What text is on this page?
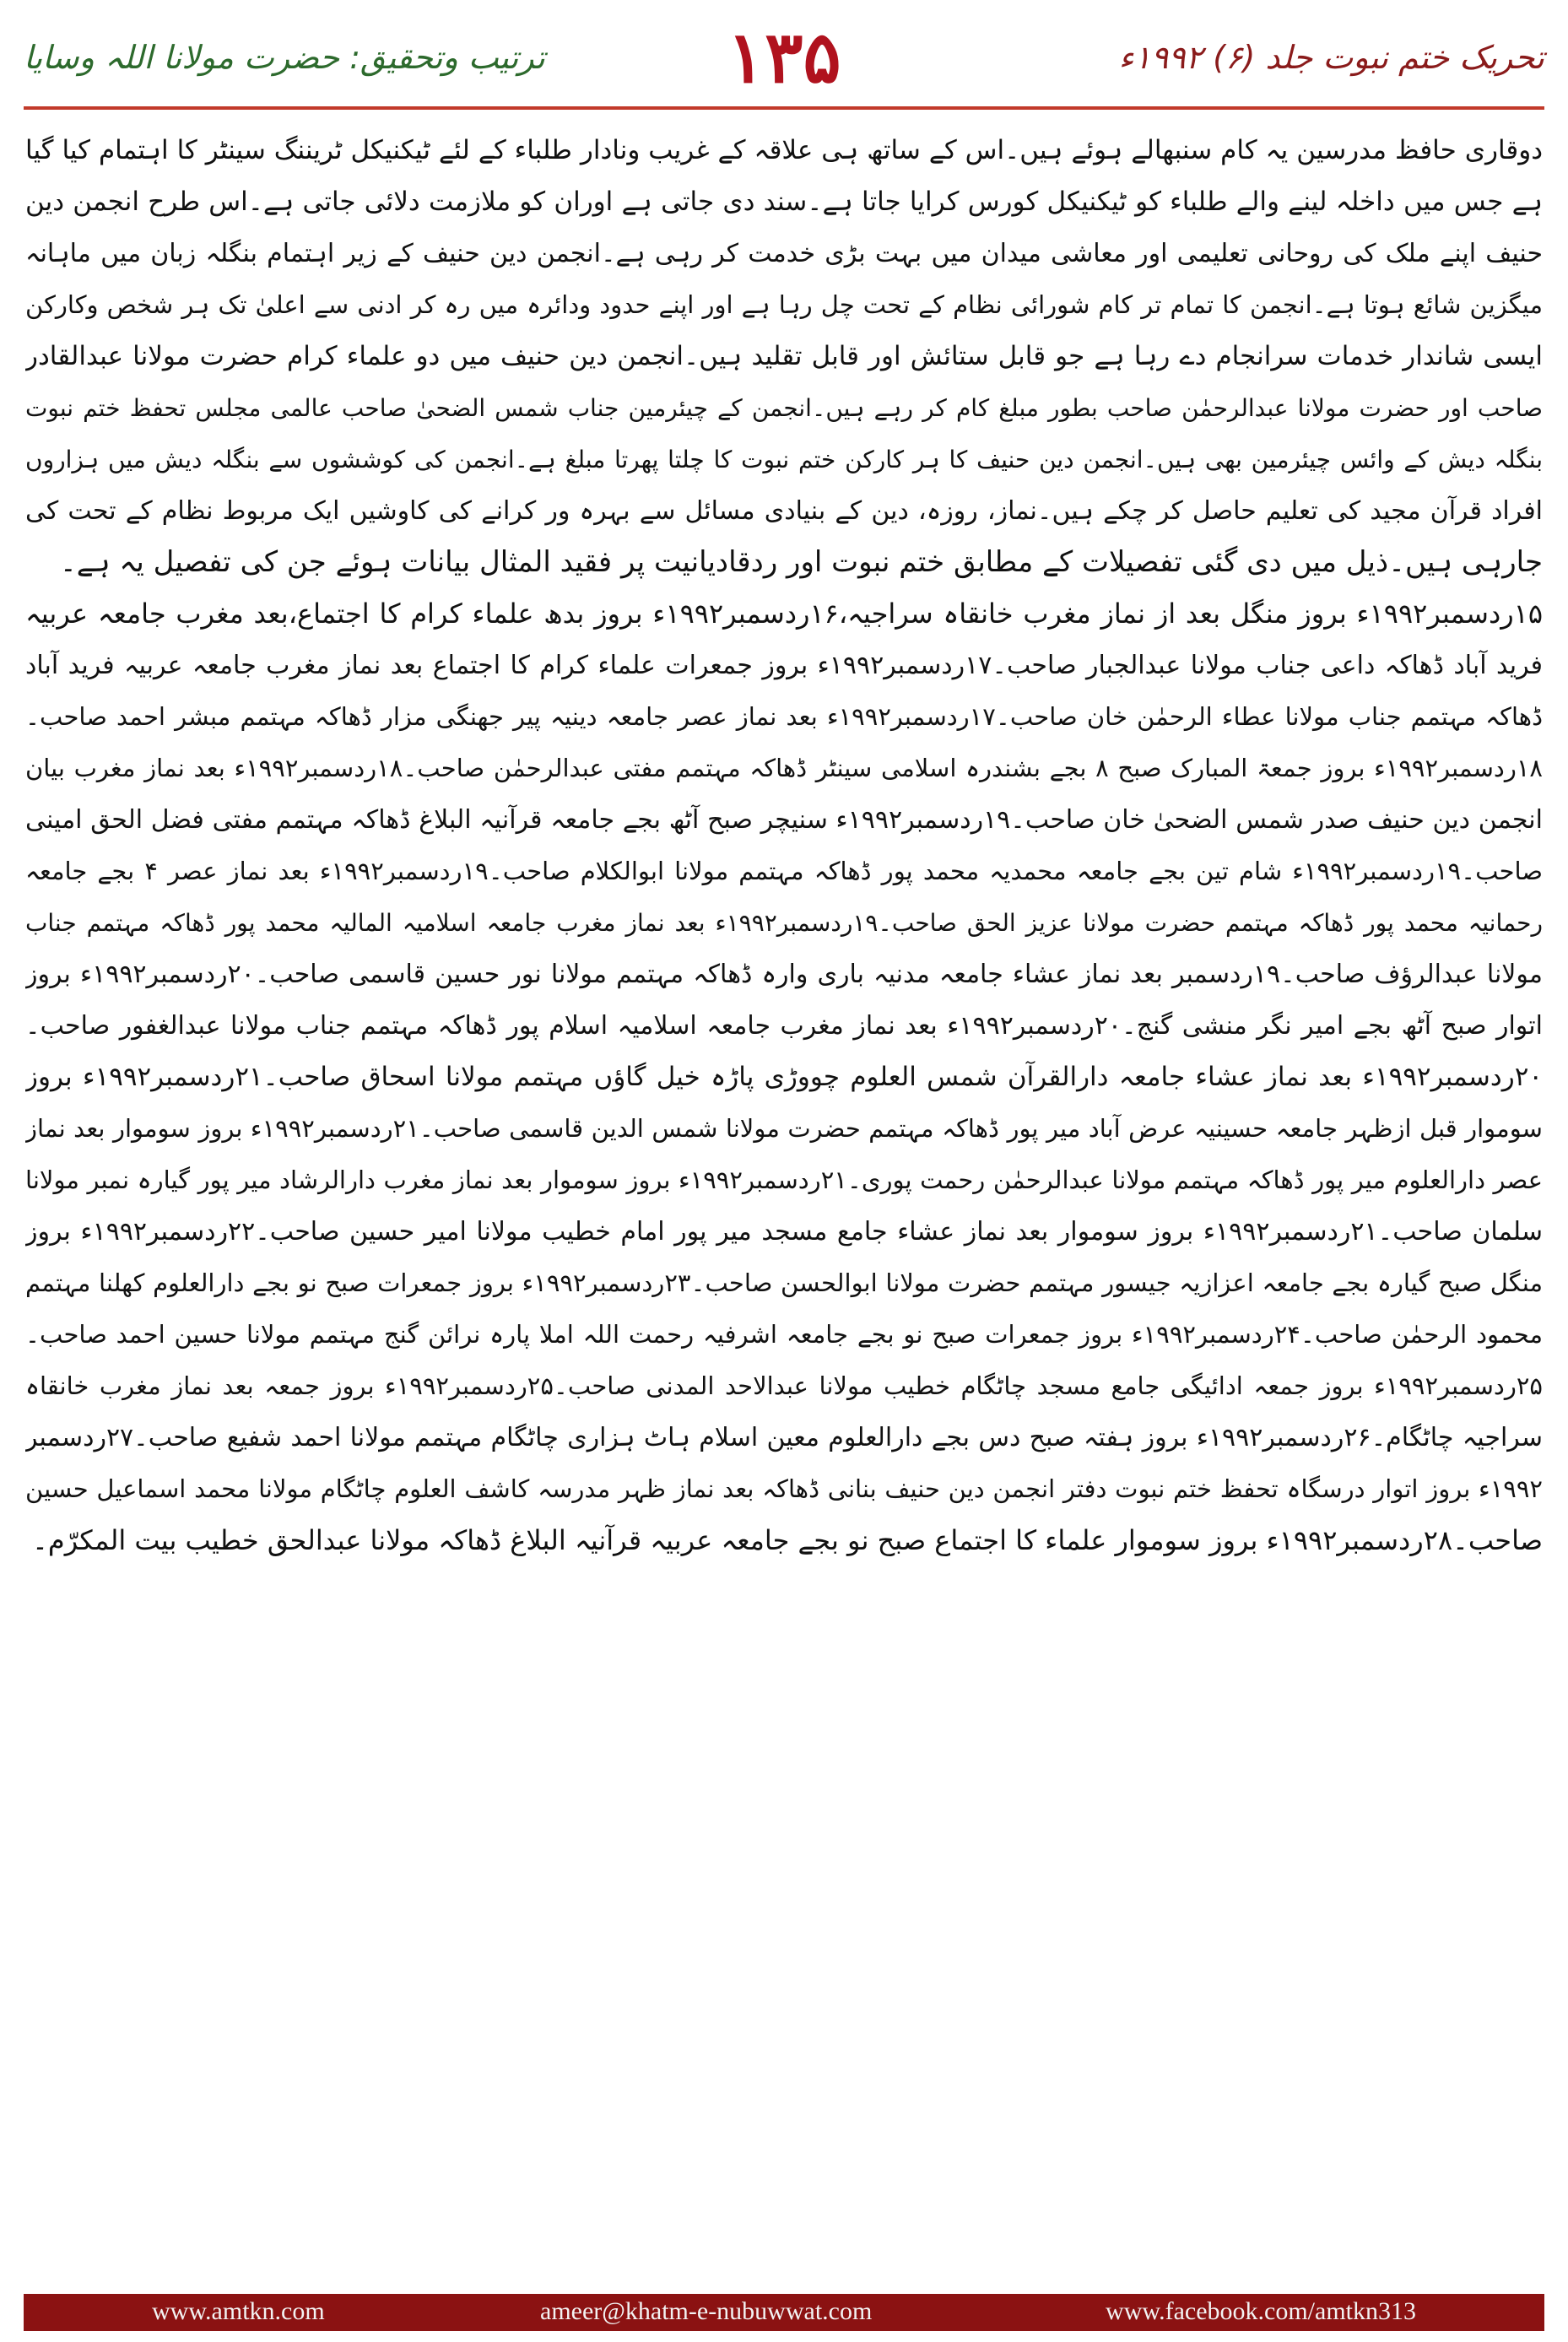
ترتیب وتحقیق: حضرت مولانا اللہ وسایا	۱۳۵	تحریک ختم نبوت جلد (۶) ۱۹۹۲ء
دوقاری حافظ مدرسین یہ کام سنبھالے ہوئے ہیں۔اس کے ساتھ ہی علاقہ کے غریب ونادار طلباء کے لئے ٹیکنیکل ٹریننگ سینٹر کا اہتمام کیا گیا
ہے جس میں داخلہ لینے والے طلباء کو ٹیکنیکل کورس کرایا جاتا ہے۔سند دی جاتی ہے اوران کو ملازمت دلائی جاتی ہے۔اس طرح انجمن دین
حنیف اپنے ملک کی روحانی تعلیمی اور معاشی میدان میں بہت بڑی خدمت کر رہی ہے۔انجمن دین حنیف کے زیر اہتمام بنگلہ زبان میں ماہانہ
میگزین شائع ہوتا ہے۔انجمن کا تمام تر کام شورائی نظام کے تحت چل رہا ہے اور اپنے حدود ودائرہ میں رہ کر ادنی سے اعلیٰ تک ہر شخص وکارکن
ایسی شاندار خدمات سرانجام دے رہا ہے جو قابل ستائش اور قابل تقلید ہیں۔انجمن دین حنیف میں دو علماء کرام حضرت مولانا عبدالقادر
صاحب اور حضرت مولانا عبدالرحمٰن صاحب بطور مبلغ کام کر رہے ہیں۔انجمن کے چیئرمین جناب شمس الضحیٰ صاحب عالمی مجلس تحفظ ختم نبوت
بنگلہ دیش کے وائس چیئرمین بھی ہیں۔انجمن دین حنیف کا ہر کارکن ختم نبوت کا چلتا پھرتا مبلغ ہے۔انجمن کی کوششوں سے بنگلہ دیش میں ہزاروں
افراد قرآن مجید کی تعلیم حاصل کر چکے ہیں۔نماز، روزہ، دین کے بنیادی مسائل سے بہرہ ور کرانے کی کاوشیں ایک مربوط نظام کے تحت کی
جارہی ہیں۔ذیل میں دی گئی تفصیلات کے مطابق ختم نبوت اور ردقادیانیت پر فقید المثال بیانات ہوئے جن کی تفصیل یہ ہے۔
۱۵ردسمبر۱۹۹۲ء بروز منگل بعد از نماز مغرب خانقاہ سراجیہ،۱۶ردسمبر۱۹۹۲ء بروز بدھ علماء کرام کا اجتماع،بعد مغرب جامعہ عربیہ
فرید آباد ڈھاکہ داعی جناب مولانا عبدالجبار صاحب۔۱۷ردسمبر۱۹۹۲ء بروز جمعرات علماء کرام کا اجتماع بعد نماز مغرب جامعہ عربیہ فرید آباد
ڈھاکہ مہتمم جناب مولانا عطاء الرحمٰن خان صاحب۔۱۷ردسمبر۱۹۹۲ء بعد نماز عصر جامعہ دینیہ پیر جھنگی مزار ڈھاکہ مہتمم مبشر احمد صاحب۔
۱۸ردسمبر۱۹۹۲ء بروز جمعۃ المبارک صبح ۸ بجے بشندرہ اسلامی سینٹر ڈھاکہ مہتمم مفتی عبدالرحمٰن صاحب۔۱۸ردسمبر۱۹۹۲ء بعد نماز مغرب بیان
انجمن دین حنیف صدر شمس الضحیٰ خان صاحب۔۱۹ردسمبر۱۹۹۲ء سنیچر صبح آٹھ بجے جامعہ قرآنیہ البلاغ ڈھاکہ مہتمم مفتی فضل الحق امینی
صاحب۔۱۹ردسمبر۱۹۹۲ء شام تین بجے جامعہ محمدیہ محمد پور ڈھاکہ مہتمم مولانا ابوالکلام صاحب۔۱۹ردسمبر۱۹۹۲ء بعد نماز عصر ۴ بجے جامعہ
رحمانیہ محمد پور ڈھاکہ مہتمم حضرت مولانا عزیز الحق صاحب۔۱۹ردسمبر۱۹۹۲ء بعد نماز مغرب جامعہ اسلامیہ المالیہ محمد پور ڈھاکہ مہتمم جناب
مولانا عبدالرؤف صاحب۔۱۹ردسمبر بعد نماز عشاء جامعہ مدنیہ باری وارہ ڈھاکہ مہتمم مولانا نور حسین قاسمی صاحب۔۲۰ردسمبر۱۹۹۲ء بروز
اتوار صبح آٹھ بجے امیر نگر منشی گنج۔۲۰ردسمبر۱۹۹۲ء بعد نماز مغرب جامعہ اسلامیہ اسلام پور ڈھاکہ مہتمم جناب مولانا عبدالغفور صاحب۔
۲۰ردسمبر۱۹۹۲ء بعد نماز عشاء جامعہ دارالقرآن شمس العلوم چووڑی پاڑہ خیل گاؤں مہتمم مولانا اسحاق صاحب۔۲۱ردسمبر۱۹۹۲ء بروز
سوموار قبل ازظہر جامعہ حسینیہ عرض آباد میر پور ڈھاکہ مہتمم حضرت مولانا شمس الدین قاسمی صاحب۔۲۱ردسمبر۱۹۹۲ء بروز سوموار بعد نماز
عصر دارالعلوم میر پور ڈھاکہ مہتمم مولانا عبدالرحمٰن رحمت پوری۔۲۱ردسمبر۱۹۹۲ء بروز سوموار بعد نماز مغرب دارالرشاد میر پور گیارہ نمبر مولانا
سلمان صاحب۔۲۱ردسمبر۱۹۹۲ء بروز سوموار بعد نماز عشاء جامع مسجد میر پور امام خطیب مولانا امیر حسین صاحب۔۲۲ردسمبر۱۹۹۲ء بروز
منگل صبح گیارہ بجے جامعہ اعزازیہ جیسور مہتمم حضرت مولانا ابوالحسن صاحب۔۲۳ردسمبر۱۹۹۲ء بروز جمعرات صبح نو بجے دارالعلوم کھلنا مہتمم
محمود الرحمٰن صاحب۔۲۴ردسمبر۱۹۹۲ء بروز جمعرات صبح نو بجے جامعہ اشرفیہ رحمت اللہ املا پارہ نرائن گنج مہتمم مولانا حسین احمد صاحب۔
۲۵ردسمبر۱۹۹۲ء بروز جمعہ ادائیگی جامع مسجد چاٹگام خطیب مولانا عبدالاحد المدنی صاحب۔۲۵ردسمبر۱۹۹۲ء بروز جمعہ بعد نماز مغرب خانقاہ
سراجیہ چاٹگام۔۲۶ردسمبر۱۹۹۲ء بروز ہفتہ صبح دس بجے دارالعلوم معین اسلام ہاٹ ہزاری چاٹگام مہتمم مولانا احمد شفیع صاحب۔۲۷ردسمبر
۱۹۹۲ء بروز اتوار درسگاہ تحفظ ختم نبوت دفتر انجمن دین حنیف بنانی ڈھاکہ بعد نماز ظہر مدرسہ کاشف العلوم چاٹگام مولانا محمد اسماعیل حسین
صاحب۔۲۸ردسمبر۱۹۹۲ء بروز سوموار علماء کا اجتماع صبح نو بجے جامعہ عربیہ قرآنیہ البلاغ ڈھاکہ مولانا عبدالحق خطیب بیت المکرّم۔
www.amtkn.com	ameer@khatm-e-nubuwwat.com	www.facebook.com/amtkn313
